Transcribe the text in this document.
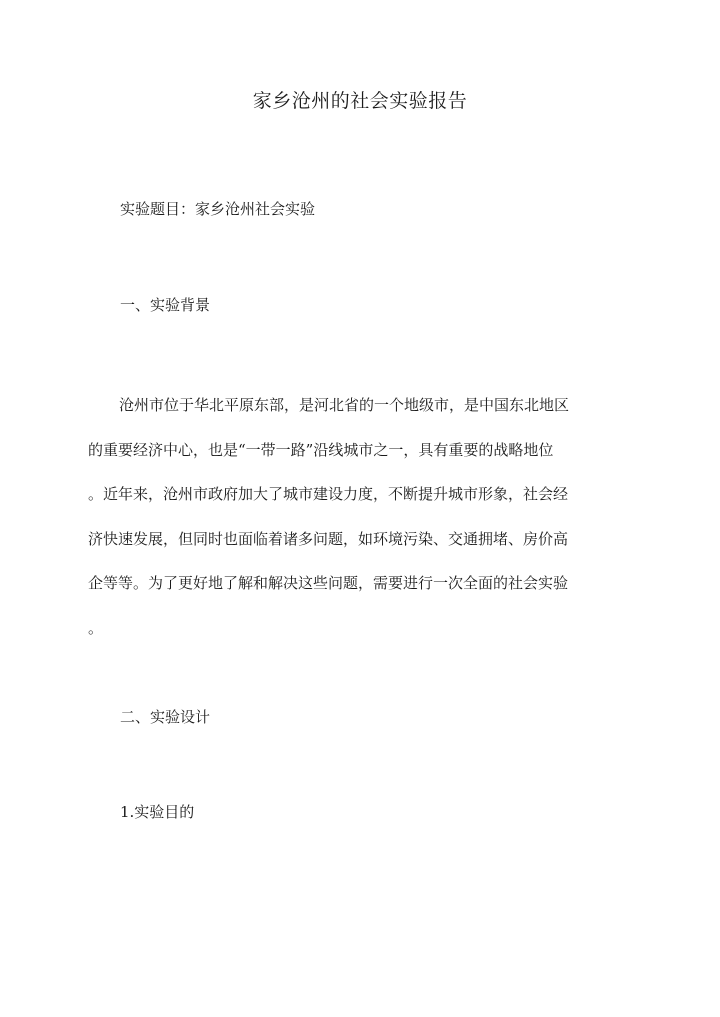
家乡沧州的社会实验报告
实验题目：家乡沧州社会实验
一、实验背景
沧州市位于华北平原东部，是河北省的一个地级市，是中国东北地区
的重要经济中心，也是“一带一路”沿线城市之一，具有重要的战略地位
。近年来，沧州市政府加大了城市建设力度，不断提升城市形象，社会经
济快速发展，但同时也面临着诸多问题，如环境污染、交通拥堵、房价高
企等等。为了更好地了解和解决这些问题，需要进行一次全面的社会实验
。
二、实验设计
1.实验目的
